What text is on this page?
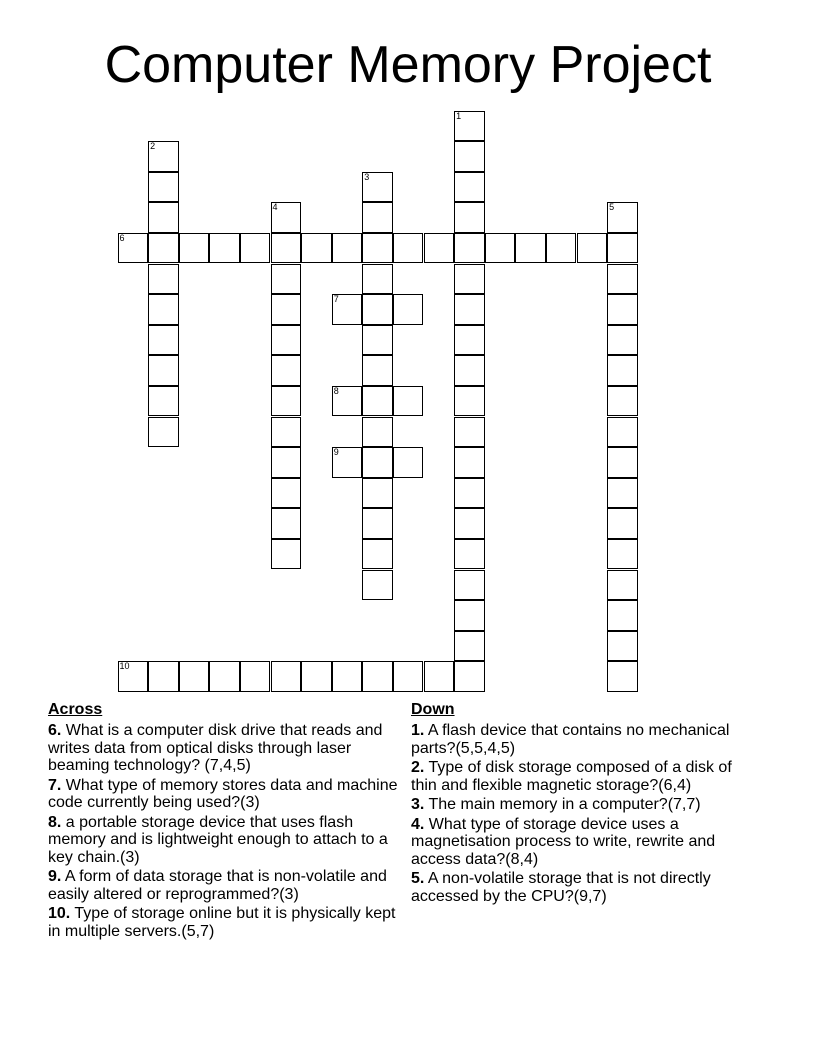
Computer Memory Project
1
2
3
4	5
6
7
8
9
10
Across
6. What is a computer disk drive that reads and writes data from optical disks through laser beaming technology? (7,4,5)
7. What type of memory stores data and machine code currently being used?(3)
8. a portable storage device that uses flash memory and is lightweight enough to attach to a key chain.(3)
9. A form of data storage that is non-volatile and easily altered or reprogrammed?(3)
10. Type of storage online but it is physically kept in multiple servers.(5,7)
Down
1. A flash device that contains no mechanical parts?(5,5,4,5)
2. Type of disk storage composed of a disk of thin and flexible magnetic storage?(6,4)
3. The main memory in a computer?(7,7)
4. What type of storage device uses a magnetisation process to write, rewrite and access data?(8,4)
5. A non-volatile storage that is not directly accessed by the CPU?(9,7)
